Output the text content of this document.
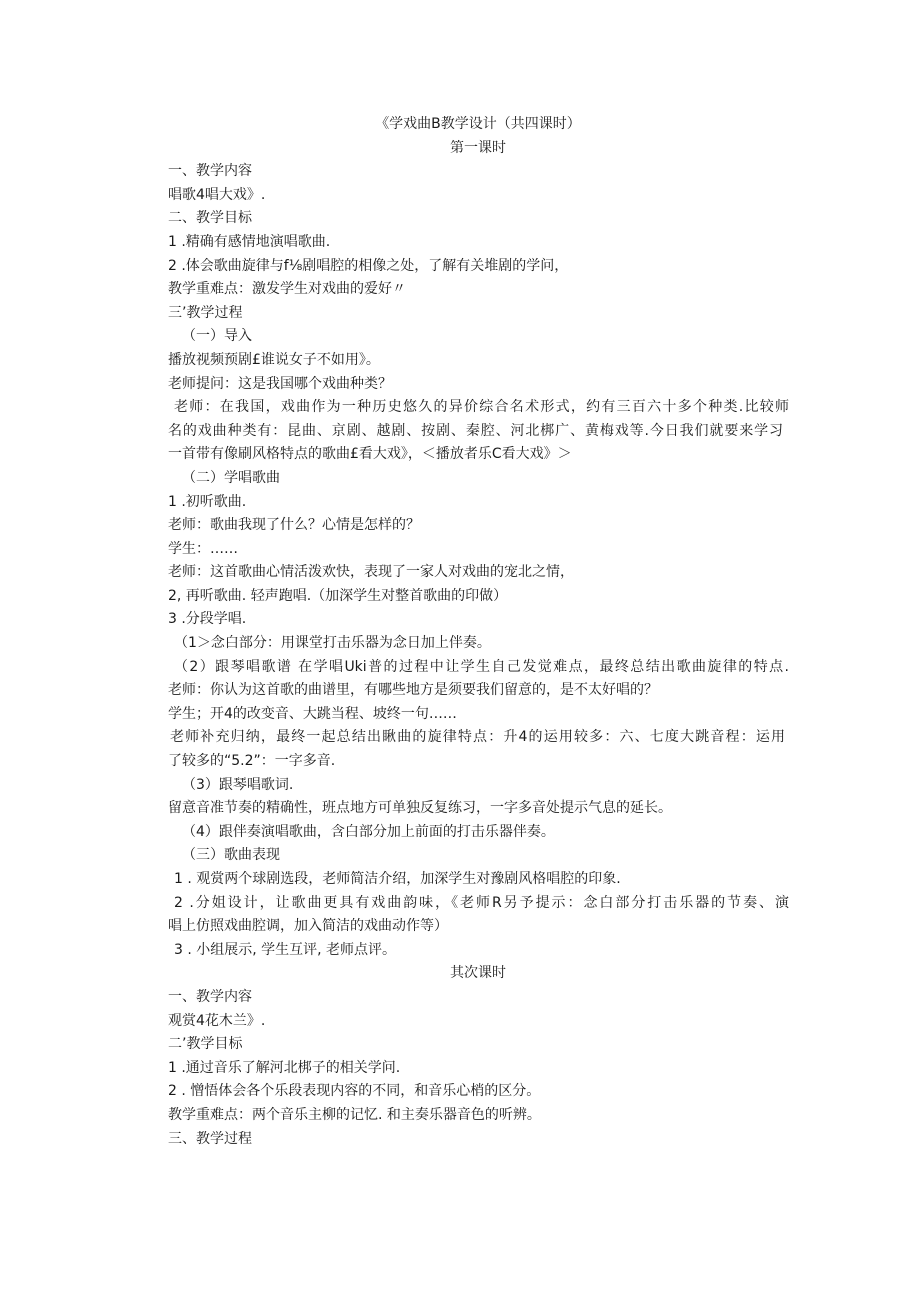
《学戏曲B教学设计（共四课时）
第一课时
一、教学内容
唱歌4唱大戏》.
二、教学目标
1 .精确有感情地演唱歌曲.
2 .体会歌曲旋律与f⅛剧唱腔的相像之处，了解有关堆剧的学问，
教学重难点：激发学生对戏曲的爱好〃
三’教学过程
（一）导入
播放视频预剧£谁说女子不如用》。
老师提问：这是我国哪个戏曲种类？
老师：在我国，戏曲作为一种历史悠久的异价综合名术形式，约有三百六十多个种类.比较师
名的戏曲种类有：昆曲、京剧、越剧、按剧、秦腔、河北梆广、黄梅戏等.今日我们就要来学习
一首带有像刷风格特点的歌曲£看大戏》，＜播放者乐C看大戏》＞
（二）学唱歌曲
1 .初听歌曲.
老师：歌曲我现了什么？心情是怎样的？
学生：……
老师：这首歌曲心情活泼欢快，表现了一家人对戏曲的宠北之情，
2, 再听歌曲. 轻声跑唱.（加深学生对整首歌曲的印做）
3 .分段学唱.
（1＞念白部分：用课堂打击乐器为念日加上伴奏。
（2）跟琴唱歌谱 在学唱Uki普的过程中让学生自己发觉难点，最终总结出歌曲旋律的特点.
老师：你认为这首歌的曲谱里，有哪些地方是须要我们留意的，是不太好唱的？
学生；开4的改变音、大跳当程、坡终一句……
老师补充归纳，最终一起总结出瞅曲的旋律特点：升4的运用较多：六、七度大跳音程：运用
了较多的“5.2”：一字多音.
（3）跟琴唱歌词.
留意音准节奏的精确性，班点地方可单独反复练习，一字多音处提示气息的延长。
（4）跟伴奏演唱歌曲，含白部分加上前面的打击乐器伴奏。
（三）歌曲表现
1 . 观赏两个球剧选段，老师简洁介绍，加深学生对豫剧风格唱腔的印象.
2 .分姐设计，让歌曲更具有戏曲韵味，《老师R另予提示：念白部分打击乐器的节奏、演
唱上仿照戏曲腔调，加入简洁的戏曲动作等）
3 . 小组展示, 学生互评, 老师点评。
其次课时
一、教学内容
观赏4花木兰》.
二’教学目标
1 .通过音乐了解河北梆子的相关学问.
2 . 憎悟体会各个乐段表现内容的不同，和音乐心梢的区分。
教学重难点：两个音乐主柳的记忆. 和主奏乐器音色的听辨。
三、教学过程
